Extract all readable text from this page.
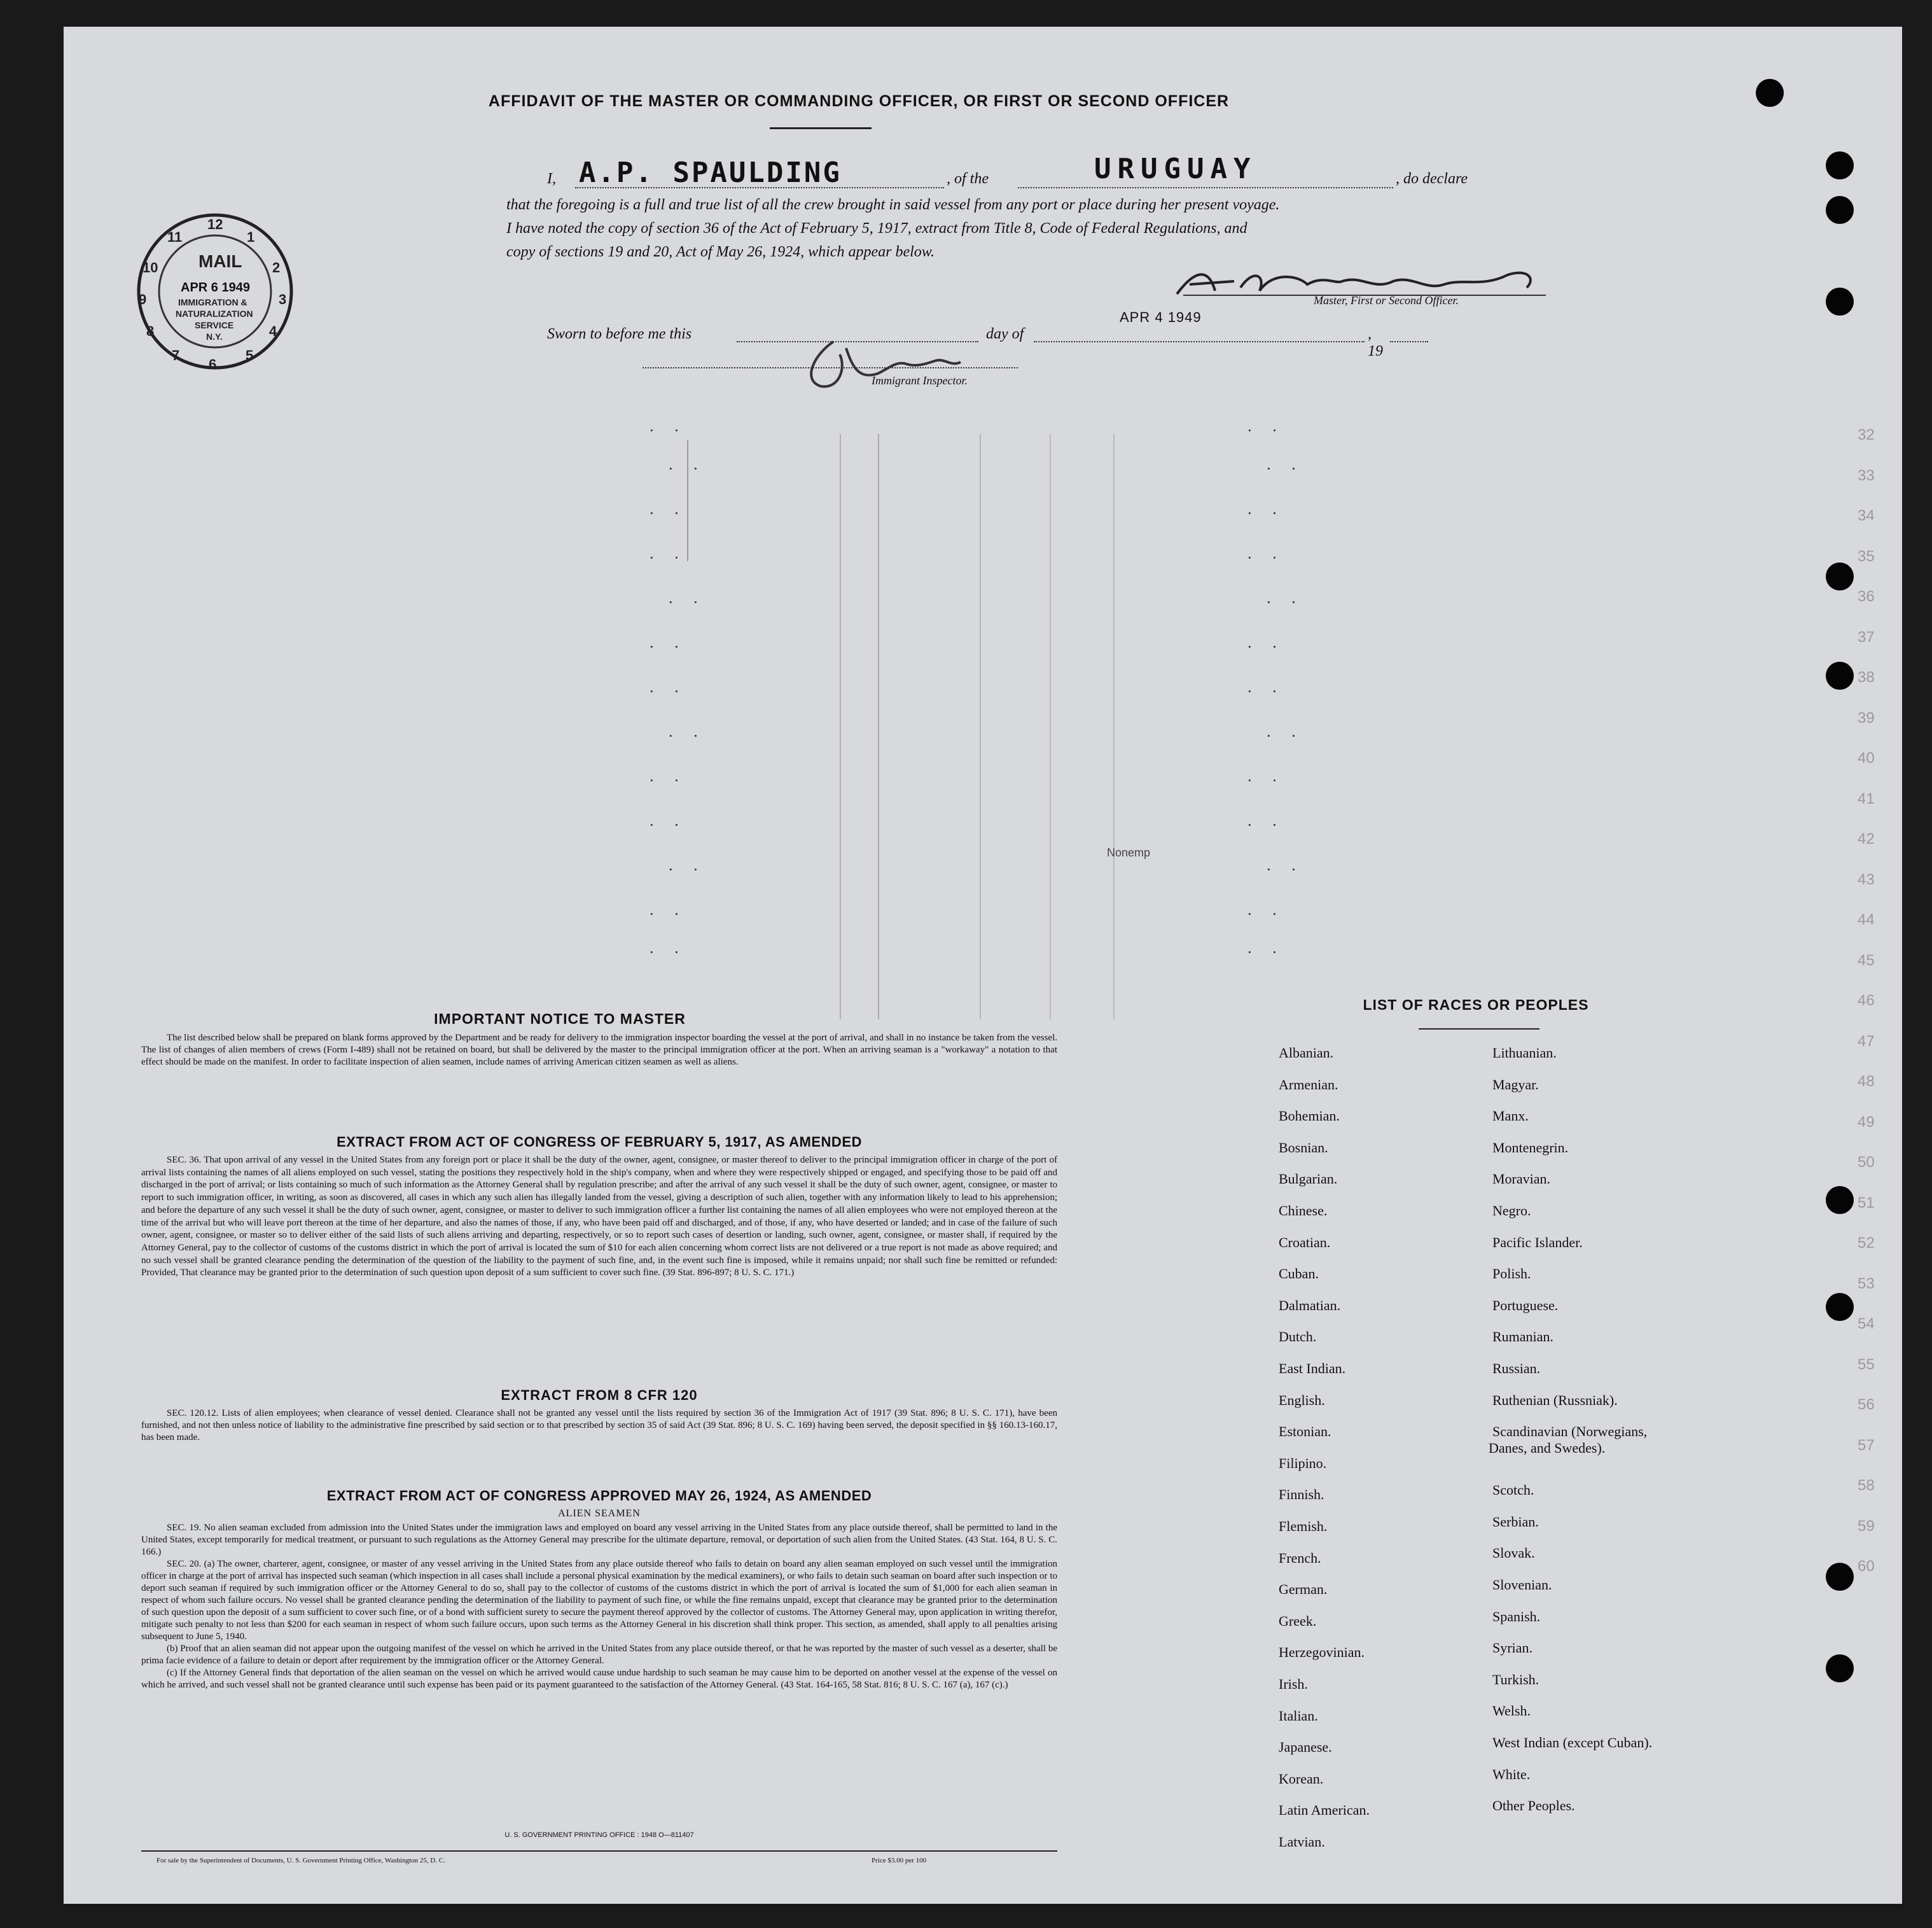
32
33
34
35
36
37
38
39
40
41
42
43
44
45
46
47
48
49
50
51
52
53
54
55
56
57
58
59
60
AFFIDAVIT OF THE MASTER OR COMMANDING OFFICER, OR FIRST OR SECOND OFFICER
I, A.P. SPAULDING	, of the	URUGUAY	, do declare
that the foregoing is a full and true list of all the crew brought in said vessel from any port or place during her present voyage.
I have noted the copy of section 36 of the Act of February 5, 1917, extract from Title 8, Code of Federal Regulations, and
copy of sections 19 and 20, Act of May 26, 1924, which appear below.
Master, First or Second Officer.
Sworn to before me this	day of
APR 4 1949
, 19
Immigrant Inspector.
12
1
2
3
4
5
6
7
8
9
10
11
MAIL
APR 6 1949
IMMIGRATION &
NATURALIZATION
SERVICE
N.Y.
· ·	· ·
· ·	· ·
· ·	· ·
· ·	· ·
· ·	· ·
· ·	· ·
· ·	· ·
· ·	· ·
· ·	· ·
· ·	· ·
· ·	· ·
· ·	· ·
· ·	· ·
Nonemp
IMPORTANT NOTICE TO MASTER
The list described below shall be prepared on blank forms approved by the Department and be ready for delivery to the immigration inspector boarding the vessel at the port of arrival, and shall in no instance be taken from the vessel. The list of changes of alien members of crews (Form I-489) shall not be retained on board, but shall be delivered by the master to the principal immigration officer at the port. When an arriving seaman is a "workaway" a notation to that effect should be made on the manifest. In order to facilitate inspection of alien seamen, include names of arriving American citizen seamen as well as aliens.
EXTRACT FROM ACT OF CONGRESS OF FEBRUARY 5, 1917, AS AMENDED
SEC. 36. That upon arrival of any vessel in the United States from any foreign port or place it shall be the duty of the owner, agent, consignee, or master thereof to deliver to the principal immigration officer in charge of the port of arrival lists containing the names of all aliens employed on such vessel, stating the positions they respectively hold in the ship's company, when and where they were respectively shipped or engaged, and specifying those to be paid off and discharged in the port of arrival; or lists containing so much of such information as the Attorney General shall by regulation prescribe; and after the arrival of any such vessel it shall be the duty of such owner, agent, consignee, or master to report to such immigration officer, in writing, as soon as discovered, all cases in which any such alien has illegally landed from the vessel, giving a description of such alien, together with any information likely to lead to his apprehension; and before the departure of any such vessel it shall be the duty of such owner, agent, consignee, or master to deliver to such immigration officer a further list containing the names of all alien employees who were not employed thereon at the time of the arrival but who will leave port thereon at the time of her departure, and also the names of those, if any, who have been paid off and discharged, and of those, if any, who have deserted or landed; and in case of the failure of such owner, agent, consignee, or master so to deliver either of the said lists of such aliens arriving and departing, respectively, or so to report such cases of desertion or landing, such owner, agent, consignee, or master shall, if required by the Attorney General, pay to the collector of customs of the customs district in which the port of arrival is located the sum of $10 for each alien concerning whom correct lists are not delivered or a true report is not made as above required; and no such vessel shall be granted clearance pending the determination of the question of the liability to the payment of such fine, and, in the event such fine is imposed, while it remains unpaid; nor shall such fine be remitted or refunded: Provided, That clearance may be granted prior to the determination of such question upon deposit of a sum sufficient to cover such fine. (39 Stat. 896-897; 8 U. S. C. 171.)
EXTRACT FROM 8 CFR 120
SEC. 120.12. Lists of alien employees; when clearance of vessel denied. Clearance shall not be granted any vessel until the lists required by section 36 of the Immigration Act of 1917 (39 Stat. 896; 8 U. S. C. 171), have been furnished, and not then unless notice of liability to the administrative fine prescribed by said section or to that prescribed by section 35 of said Act (39 Stat. 896; 8 U. S. C. 169) having been served, the deposit specified in §§ 160.13-160.17, has been made.
EXTRACT FROM ACT OF CONGRESS APPROVED MAY 26, 1924, AS AMENDED
ALIEN SEAMEN
SEC. 19. No alien seaman excluded from admission into the United States under the immigration laws and employed on board any vessel arriving in the United States from any place outside thereof, shall be permitted to land in the United States, except temporarily for medical treatment, or pursuant to such regulations as the Attorney General may prescribe for the ultimate departure, removal, or deportation of such alien from the United States. (43 Stat. 164, 8 U. S. C. 166.)
SEC. 20. (a) The owner, charterer, agent, consignee, or master of any vessel arriving in the United States from any place outside thereof who fails to detain on board any alien seaman employed on such vessel until the immigration officer in charge at the port of arrival has inspected such seaman (which inspection in all cases shall include a personal physical examination by the medical examiners), or who fails to detain such seaman on board after such inspection or to deport such seaman if required by such immigration officer or the Attorney General to do so, shall pay to the collector of customs of the customs district in which the port of arrival is located the sum of $1,000 for each alien seaman in respect of whom such failure occurs. No vessel shall be granted clearance pending the determination of the liability to payment of such fine, or while the fine remains unpaid, except that clearance may be granted prior to the determination of such question upon the deposit of a sum sufficient to cover such fine, or of a bond with sufficient surety to secure the payment thereof approved by the collector of customs. The Attorney General may, upon application in writing therefor, mitigate such penalty to not less than $200 for each seaman in respect of whom such failure occurs, upon such terms as the Attorney General in his discretion shall think proper. This section, as amended, shall apply to all penalties arising subsequent to June 5, 1940.
(b) Proof that an alien seaman did not appear upon the outgoing manifest of the vessel on which he arrived in the United States from any place outside thereof, or that he was reported by the master of such vessel as a deserter, shall be prima facie evidence of a failure to detain or deport after requirement by the immigration officer or the Attorney General.
(c) If the Attorney General finds that deportation of the alien seaman on the vessel on which he arrived would cause undue hardship to such seaman he may cause him to be deported on another vessel at the expense of the vessel on which he arrived, and such vessel shall not be granted clearance until such expense has been paid or its payment guaranteed to the satisfaction of the Attorney General. (43 Stat. 164-165, 58 Stat. 816; 8 U. S. C. 167 (a), 167 (c).)
U. S. GOVERNMENT PRINTING OFFICE : 1948 O—811407
For sale by the Superintendent of Documents, U. S. Government Printing Office, Washington 25, D. C.	Price $3.00 per 100
LIST OF RACES OR PEOPLES
Albanian.
Armenian.
Bohemian.
Bosnian.
Bulgarian.
Chinese.
Croatian.
Cuban.
Dalmatian.
Dutch.
East Indian.
English.
Estonian.
Filipino.
Finnish.
Flemish.
French.
German.
Greek.
Herzegovinian.
Irish.
Italian.
Japanese.
Korean.
Latin American.
Latvian.
Lithuanian.
Magyar.
Manx.
Montenegrin.
Moravian.
Negro.
Pacific Islander.
Polish.
Portuguese.
Rumanian.
Russian.
Ruthenian (Russniak).
Scandinavian (Norwegians,
Danes, and Swedes).
Scotch.
Serbian.
Slovak.
Slovenian.
Spanish.
Syrian.
Turkish.
Welsh.
West Indian (except Cuban).
White.
Other Peoples.
